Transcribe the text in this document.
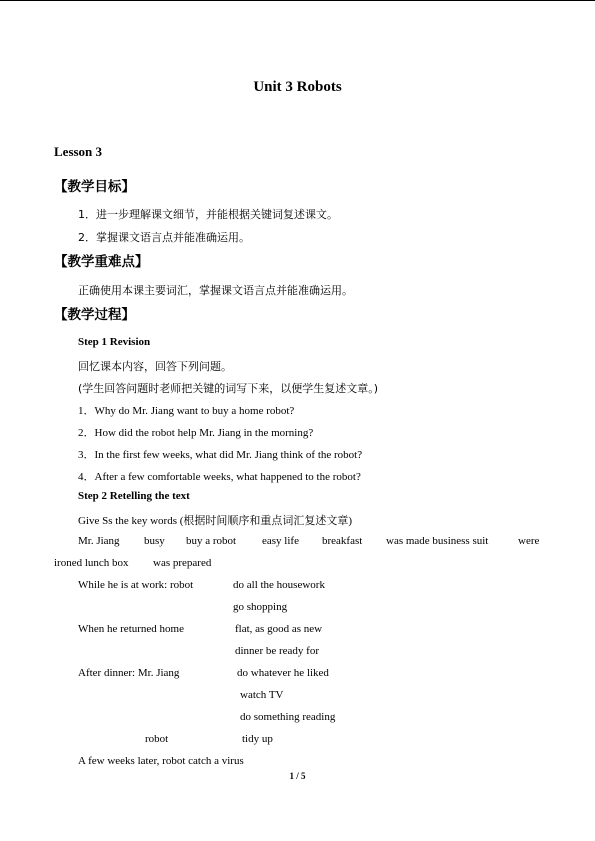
Unit 3 Robots
Lesson 3
【教学目标】
1．进一步理解课文细节，并能根据关键词复述课文。
2．掌握课文语言点并能准确运用。
【教学重难点】
正确使用本课主要词汇，掌握课文语言点并能准确运用。
【教学过程】
Step 1 Revision
回忆课本内容，回答下列问题。
(学生回答问题时老师把关键的词写下来，以便学生复述文章。)
1．Why do Mr. Jiang want to buy a home robot?
2．How did the robot help Mr. Jiang in the morning?
3．In the first few weeks, what did Mr. Jiang think of the robot?
4．After a few comfortable weeks, what happened to the robot?
Step 2 Retelling the text
Give Ss the key words (根据时间顺序和重点词汇复述文章)
Mr. Jiang busy buy a robot easy life breakfast was made business suit	were
ironed lunch box was prepared
While he is at work: robot	do all the housework
go shopping
When he returned home	flat, as good as new
dinner be ready for
After dinner: Mr. Jiang	do whatever he liked
watch TV
do something reading
robot	tidy up
A few weeks later, robot catch a virus
1 / 5
